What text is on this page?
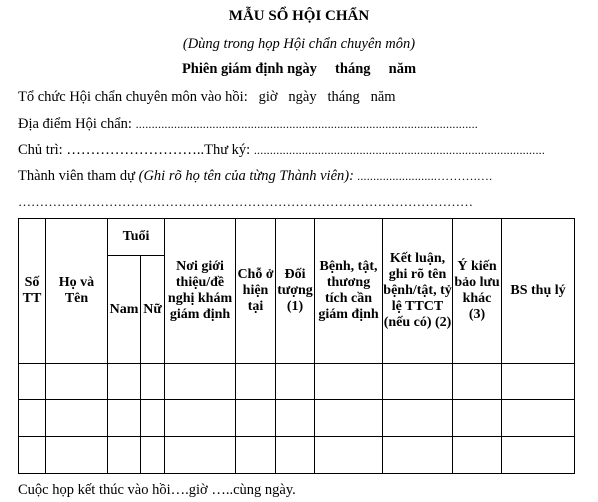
MẪU SỔ HỘI CHẨN
(Dùng trong họp Hội chẩn chuyên môn)
Phiên giám định ngày     tháng     năm
Tổ chức Hội chẩn chuyên môn vào hồi:   giờ   ngày   tháng   năm
Địa điểm Hội chẩn: ...........................................................................................................
Chủ trì: ………………………..Thư ký: ...........................................................................................
Thành viên tham dự (Ghi rõ họ tên của từng Thành viên): .........................……….….
……………………………………………………………………………………………
Số TT	Họ và Tên	Tuổi		Nơi giới thiệu/đề nghị khám giám định	Chỗ ở hiện tại	Đối tượng (1)	Bệnh, tật, thương tích cần giám định	Kết luận, ghi rõ tên bệnh/tật, tỷ lệ TTCT (nếu có) (2)	Ý kiến bảo lưu khác (3)	BS thụ lý
		Nam	Nữ							

Cuộc họp kết thúc vào hồi….giờ …..cùng ngày.
